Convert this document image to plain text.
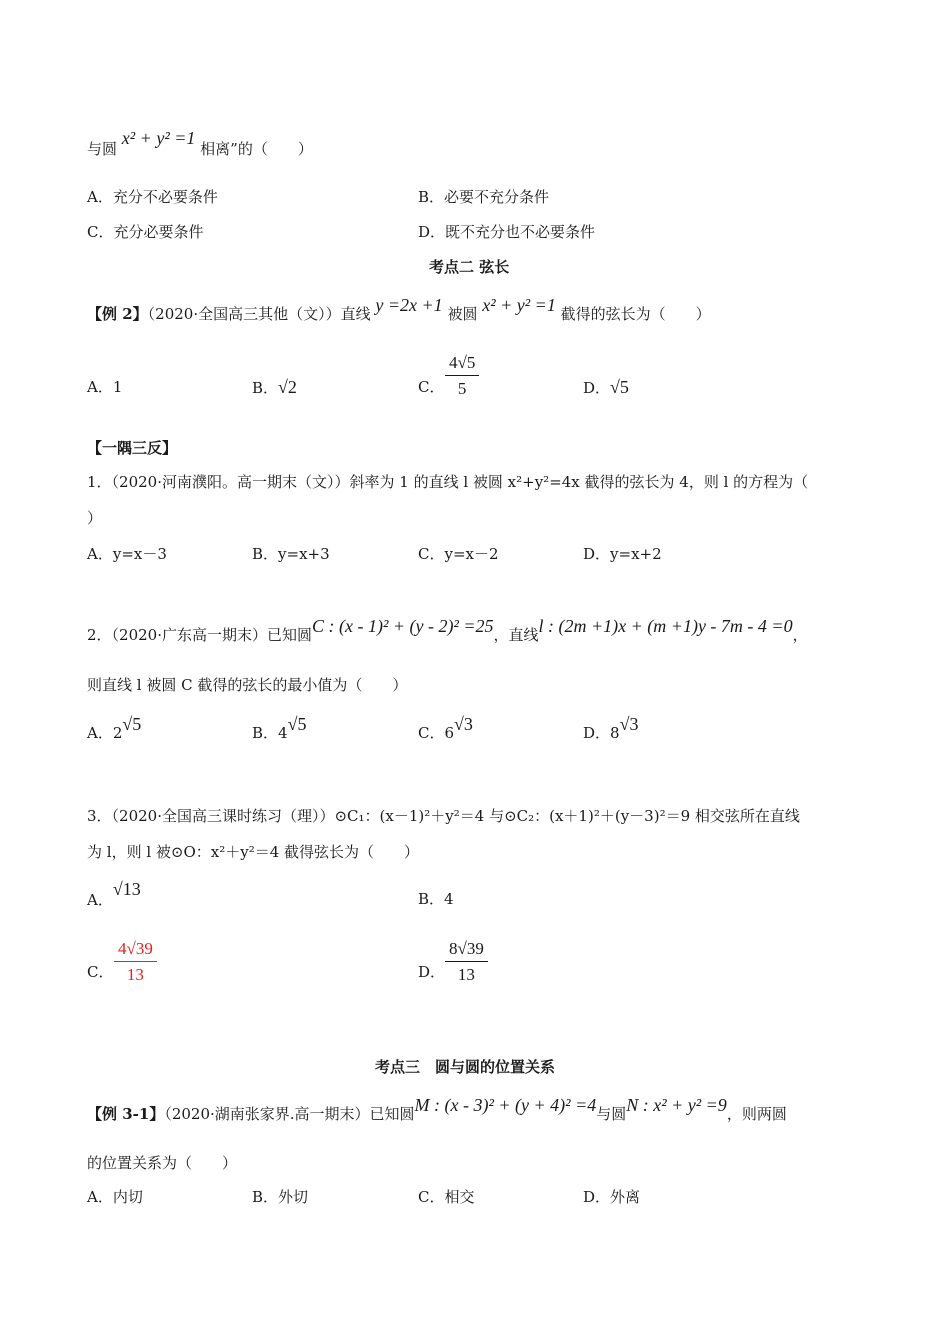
与圆 x² + y² =1 相离”的（　　）
A．充分不必要条件	B．必要不充分条件
C．充分必要条件	D．既不充分也不必要条件
考点二 弦长
【例 2】（2020·全国高三其他（文））直线 y =2x +1 被圆 x² + y² =1 截得的弦长为（　　）
A．1	B．√2	C． $\frac{4√5}{5}$	D．√5
【一隅三反】
1．（2020·河南濮阳。高一期末（文））斜率为 1 的直线 l 被圆 x²+y²=4x 截得的弦长为 4，则 l 的方程为（
）
A．y=x－3	B．y=x+3	C．y=x－2	D．y=x+2
2．（2020·广东高一期末）已知圆C : (x - 1)² + (y - 2)² =25，直线l : (2m +1)x + (m +1)y - 7m - 4 =0，
则直线 l 被圆 C 截得的弦长的最小值为（　　）
A．2√5	B．4√5	C．6√3	D．8√3
3．（2020·全国高三课时练习（理））⊙C₁：(x－1)²＋y²＝4 与⊙C₂：(x＋1)²＋(y－3)²＝9 相交弦所在直线
为 l，则 l 被⊙O：x²＋y²＝4 截得弦长为（　　）
A．√13	B．4
C． $\frac{4√39}{13}$	D． $\frac{8√39}{13}$
考点三　圆与圆的位置关系
【例 3-1】（2020·湖南张家界.高一期末）已知圆M : (x - 3)² + (y + 4)² =4与圆N : x² + y² =9，则两圆
的位置关系为（　　）
A．内切	B．外切	C．相交	D．外离
